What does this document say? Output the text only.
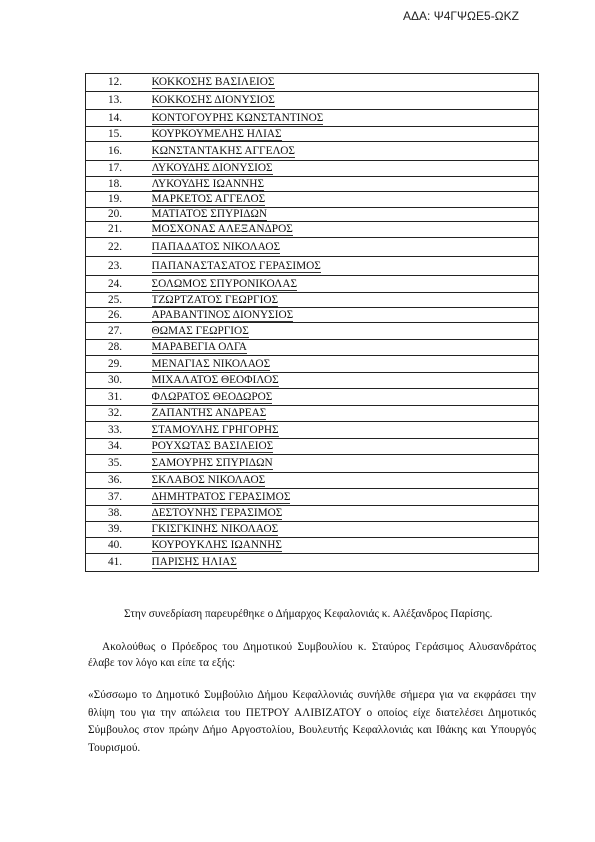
ΑΔΑ: Ψ4ΓΨΩΕ5-ΩΚΖ
12.	ΚΟΚΚΟΣΗΣ ΒΑΣΙΛΕΙΟΣ
13.	ΚΟΚΚΟΣΗΣ ΔΙΟΝΥΣΙΟΣ
14.	ΚΟΝΤΟΓΟΥΡΗΣ ΚΩΝΣΤΑΝΤΙΝΟΣ
15.	ΚΟΥΡΚΟΥΜΕΛΗΣ ΗΛΙΑΣ
16.	ΚΩΝΣΤΑΝΤΑΚΗΣ ΑΓΓΕΛΟΣ
17.	ΛΥΚΟΥΔΗΣ ΔΙΟΝΥΣΙΟΣ
18.	ΛΥΚΟΥΔΗΣ ΙΩΑΝΝΗΣ
19.	ΜΑΡΚΕΤΟΣ ΑΓΓΕΛΟΣ
20.	ΜΑΤΙΑΤΟΣ ΣΠΥΡΙΔΩΝ
21.	ΜΟΣΧΟΝΑΣ ΑΛΕΞΑΝΔΡΟΣ
22.	ΠΑΠΑΔΑΤΟΣ ΝΙΚΟΛΑΟΣ
23.	ΠΑΠΑΝΑΣΤΑΣΑΤΟΣ ΓΕΡΑΣΙΜΟΣ
24.	ΣΟΛΩΜΟΣ ΣΠΥΡΟΝΙΚΟΛΑΣ
25.	ΤΖΩΡΤΖΑΤΟΣ ΓΕΩΡΓΙΟΣ
26.	ΑΡΑΒΑΝΤΙΝΟΣ ΔΙΟΝΥΣΙΟΣ
27.	ΘΩΜΑΣ ΓΕΩΡΓΙΟΣ
28.	ΜΑΡΑΒΕΓΙΑ ΟΛΓΑ
29.	ΜΕΝΑΓΙΑΣ ΝΙΚΟΛΑΟΣ
30.	ΜΙΧΑΛΑΤΟΣ ΘΕΟΦΙΛΟΣ
31.	ΦΛΩΡΑΤΟΣ ΘΕΟΔΩΡΟΣ
32.	ΖΑΠΑΝΤΗΣ ΑΝΔΡΕΑΣ
33.	ΣΤΑΜΟΥΛΗΣ ΓΡΗΓΟΡΗΣ
34.	ΡΟΥΧΩΤΑΣ ΒΑΣΙΛΕΙΟΣ
35.	ΣΑΜΟΥΡΗΣ ΣΠΥΡΙΔΩΝ
36.	ΣΚΛΑΒΟΣ ΝΙΚΟΛΑΟΣ
37.	ΔΗΜΗΤΡΑΤΟΣ ΓΕΡΑΣΙΜΟΣ
38.	ΔΕΣΤΟΥΝΗΣ ΓΕΡΑΣΙΜΟΣ
39.	ΓΚΙΣΓΚΙΝΗΣ ΝΙΚΟΛΑΟΣ
40.	ΚΟΥΡΟΥΚΛΗΣ ΙΩΑΝΝΗΣ
41.	ΠΑΡΙΣΗΣ ΗΛΙΑΣ
Στην συνεδρίαση παρευρέθηκε ο Δήμαρχος Κεφαλονιάς κ. Αλέξανδρος Παρίσης.
Ακολούθως ο Πρόεδρος του Δημοτικού Συμβουλίου κ. Σταύρος Γεράσιμος Αλυσανδράτος έλαβε τον λόγο και είπε τα εξής:
«Σύσσωμο το Δημοτικό Συμβούλιο Δήμου Κεφαλλονιάς συνήλθε σήμερα για να εκφράσει την θλίψη του για την απώλεια του ΠΕΤΡΟΥ ΑΛΙΒΙΖΑΤΟΥ ο οποίος είχε διατελέσει Δημοτικός Σύμβουλος στον πρώην Δήμο Αργοστολίου, Βουλευτής Κεφαλλονιάς και Ιθάκης και Υπουργός Τουρισμού.
